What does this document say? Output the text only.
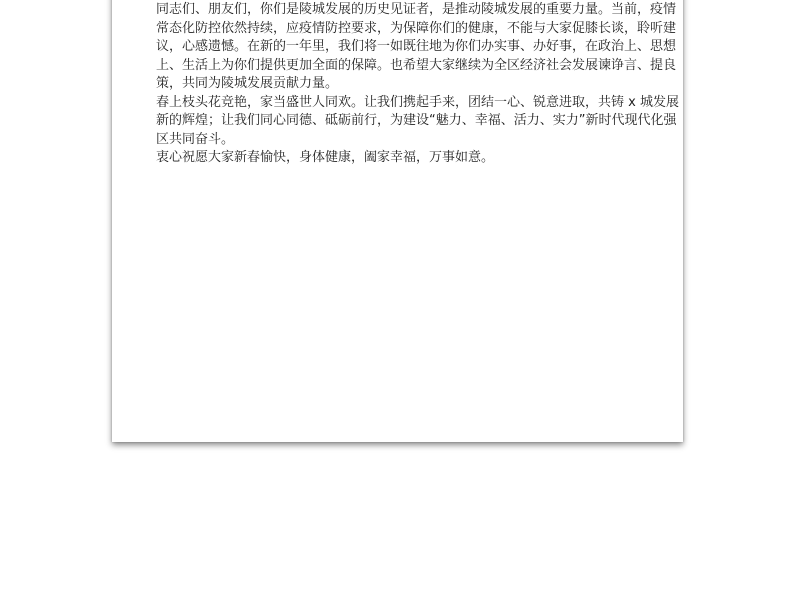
同志们、朋友们，你们是陵城发展的历史见证者，是推动陵城发展的重要力量。当前，疫情
常态化防控依然持续，应疫情防控要求，为保障你们的健康，不能与大家促膝长谈，聆听建
议，心感遗憾。在新的一年里，我们将一如既往地为你们办实事、办好事，在政治上、思想
上、生活上为你们提供更加全面的保障。也希望大家继续为全区经济社会发展谏诤言、提良
策，共同为陵城发展贡献力量。

春上枝头花竞艳，家当盛世人同欢。让我们携起手来，团结一心、锐意进取，共铸 x 城发展
新的辉煌；让我们同心同德、砥砺前行，为建设“魅力、幸福、活力、实力”新时代现代化强
区共同奋斗。

衷心祝愿大家新春愉快，身体健康，阖家幸福，万事如意。
